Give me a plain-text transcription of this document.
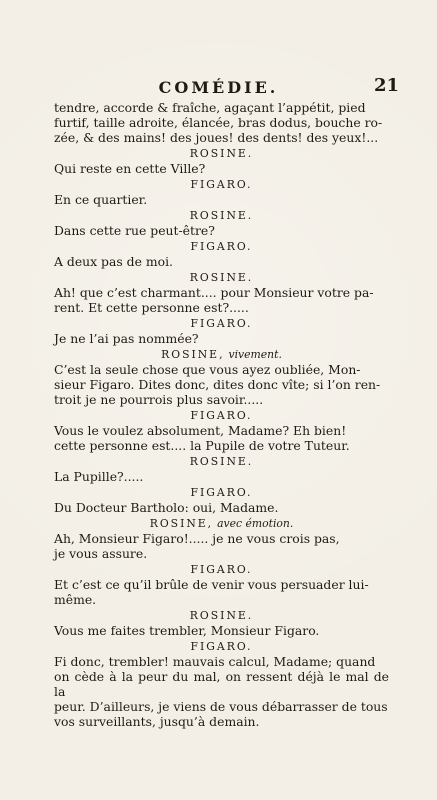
COMÉDIE.	21
tendre, accorde & fraîche, agaçant l’appétit, pied
furtif, taille adroite, élancée, bras dodus, bouche ro-
zée, & des mains! des joues! des dents! des yeux!...
ROSINE.
Qui reste en cette Ville?
FIGARO.
En ce quartier.
ROSINE.
Dans cette rue peut-être?
FIGARO.
A deux pas de moi.
ROSINE.
Ah! que c’est charmant.... pour Monsieur votre pa-
rent. Et cette personne est?.....
FIGARO.
Je ne l’ai pas nommée?
ROSINE, vivement.
C’est la seule chose que vous ayez oubliée, Mon-
sieur Figaro. Dites donc, dites donc vîte; si l’on ren-
troit je ne pourrois plus savoir.....
FIGARO.
Vous le voulez absolument, Madame? Eh bien!
cette personne est.... la Pupile de votre Tuteur.
ROSINE.
La Pupille?.....
FIGARO.
Du Docteur Bartholo: oui, Madame.
ROSINE, avec émotion.
Ah, Monsieur Figaro!..... je ne vous crois pas,
je vous assure.
FIGARO.
Et c’est ce qu’il brûle de venir vous persuader lui-
même.
ROSINE.
Vous me faites trembler, Monsieur Figaro.
FIGARO.
Fi donc, trembler! mauvais calcul, Madame; quand
on cède à la peur du mal, on ressent déjà le mal de la
peur. D’ailleurs, je viens de vous débarrasser de tous
vos surveillants, jusqu’à demain.
